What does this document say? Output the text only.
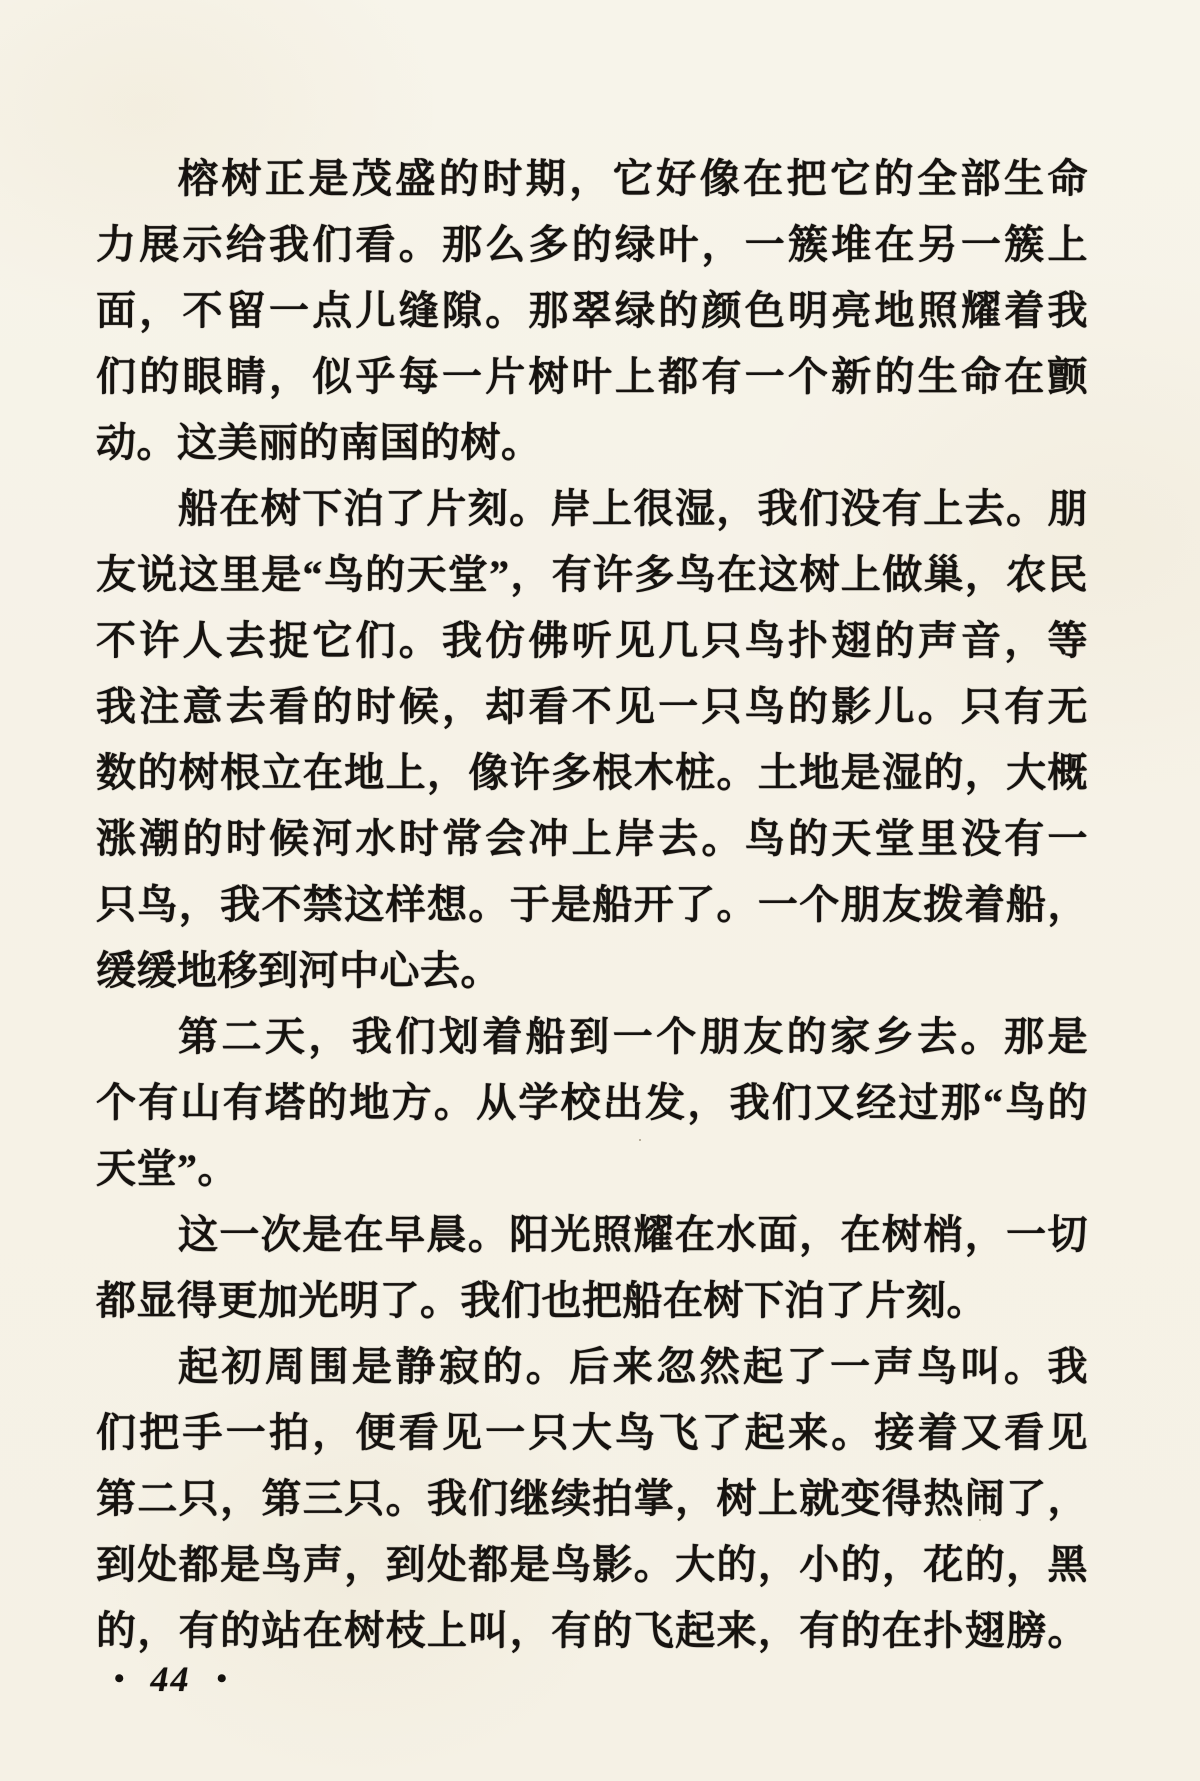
榕树正是茂盛的时期，它好像在把它的全部生命
力展示给我们看。那么多的绿叶，一簇堆在另一簇上
面，不留一点儿缝隙。那翠绿的颜色明亮地照耀着我
们的眼睛，似乎每一片树叶上都有一个新的生命在颤
动。这美丽的南国的树。
船在树下泊了片刻。岸上很湿，我们没有上去。朋
友说这里是“鸟的天堂”，有许多鸟在这树上做巢，农民
不许人去捉它们。我仿佛听见几只鸟扑翅的声音，等
我注意去看的时候，却看不见一只鸟的影儿。只有无
数的树根立在地上，像许多根木桩。土地是湿的，大概
涨潮的时候河水时常会冲上岸去。鸟的天堂里没有一
只鸟，我不禁这样想。于是船开了。一个朋友拨着船，
缓缓地移到河中心去。
第二天，我们划着船到一个朋友的家乡去。那是
个有山有塔的地方。从学校出发，我们又经过那“鸟的
天堂”。
这一次是在早晨。阳光照耀在水面，在树梢，一切
都显得更加光明了。我们也把船在树下泊了片刻。
起初周围是静寂的。后来忽然起了一声鸟叫。我
们把手一拍，便看见一只大鸟飞了起来。接着又看见
第二只，第三只。我们继续拍掌，树上就变得热闹了，
到处都是鸟声，到处都是鸟影。大的，小的，花的，黑
的，有的站在树枝上叫，有的飞起来，有的在扑翅膀。
• 44 •
